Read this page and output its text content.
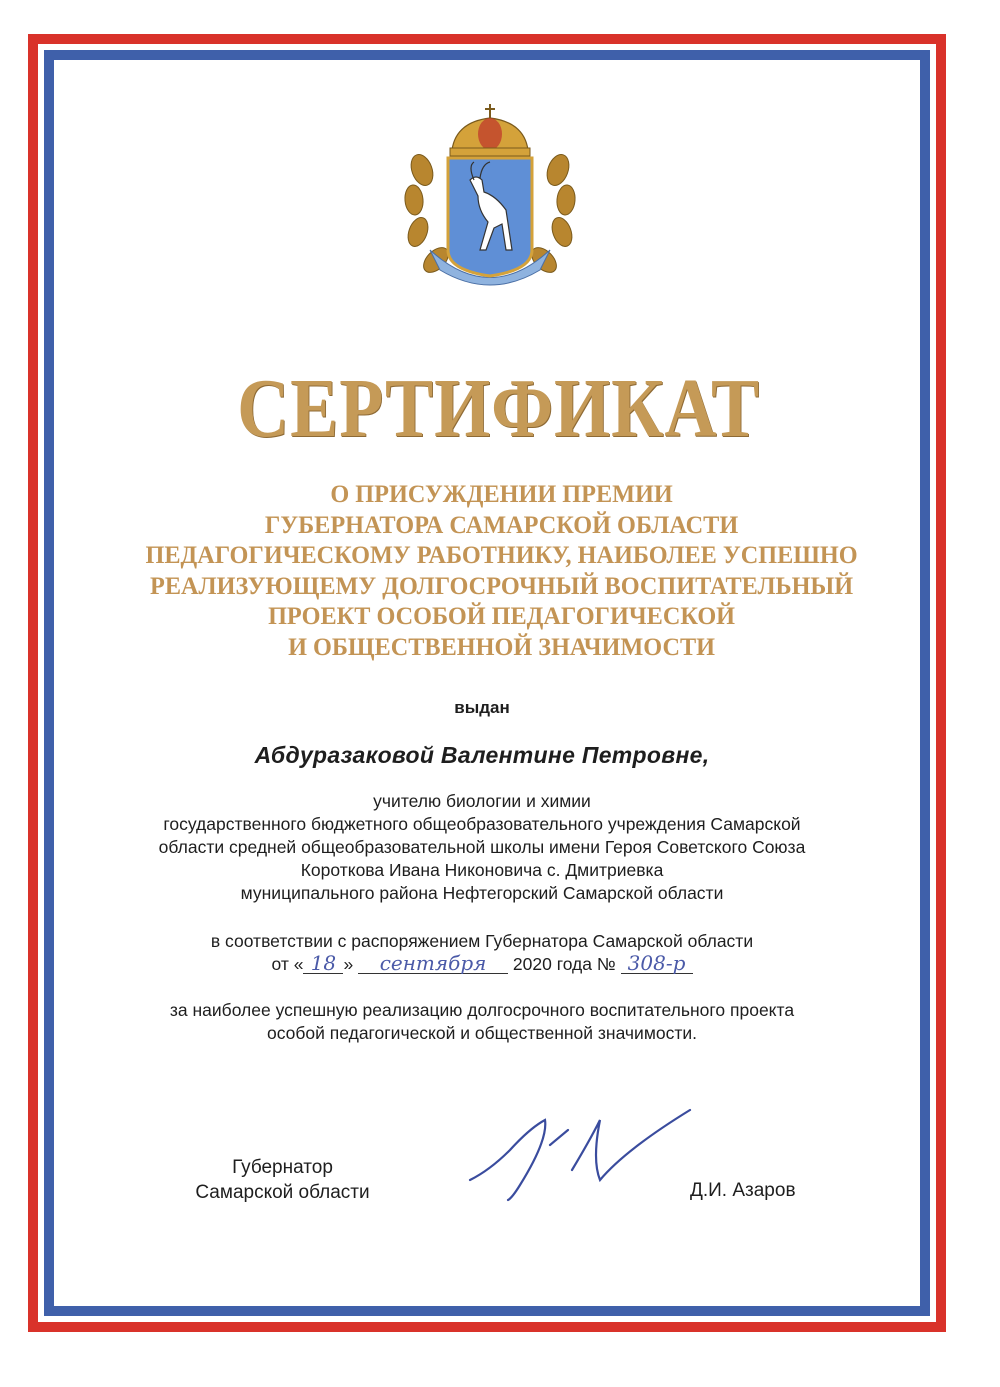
СЕРТИФИКАТ
О ПРИСУЖДЕНИИ ПРЕМИИ
ГУБЕРНАТОРА САМАРСКОЙ ОБЛАСТИ
ПЕДАГОГИЧЕСКОМУ РАБОТНИКУ, НАИБОЛЕЕ УСПЕШНО
РЕАЛИЗУЮЩЕМУ ДОЛГОСРОЧНЫЙ ВОСПИТАТЕЛЬНЫЙ
ПРОЕКТ ОСОБОЙ ПЕДАГОГИЧЕСКОЙ
И ОБЩЕСТВЕННОЙ ЗНАЧИМОСТИ
выдан
Абдуразаковой Валентине Петровне,
учителю биологии и химии
государственного бюджетного общеобразовательного учреждения Самарской
области средней общеобразовательной школы имени Героя Советского Союза
Короткова Ивана Никоновича с. Дмитриевка
муниципального района Нефтегорский Самарской области
в соответствии с распоряжением Губернатора Самарской области
от « 18 » сентября 2020 года № 308-р
за наиболее успешную реализацию долгосрочного воспитательного проекта
особой педагогической и общественной значимости.
Губернатор
Самарской области	Д.И. Азаров
